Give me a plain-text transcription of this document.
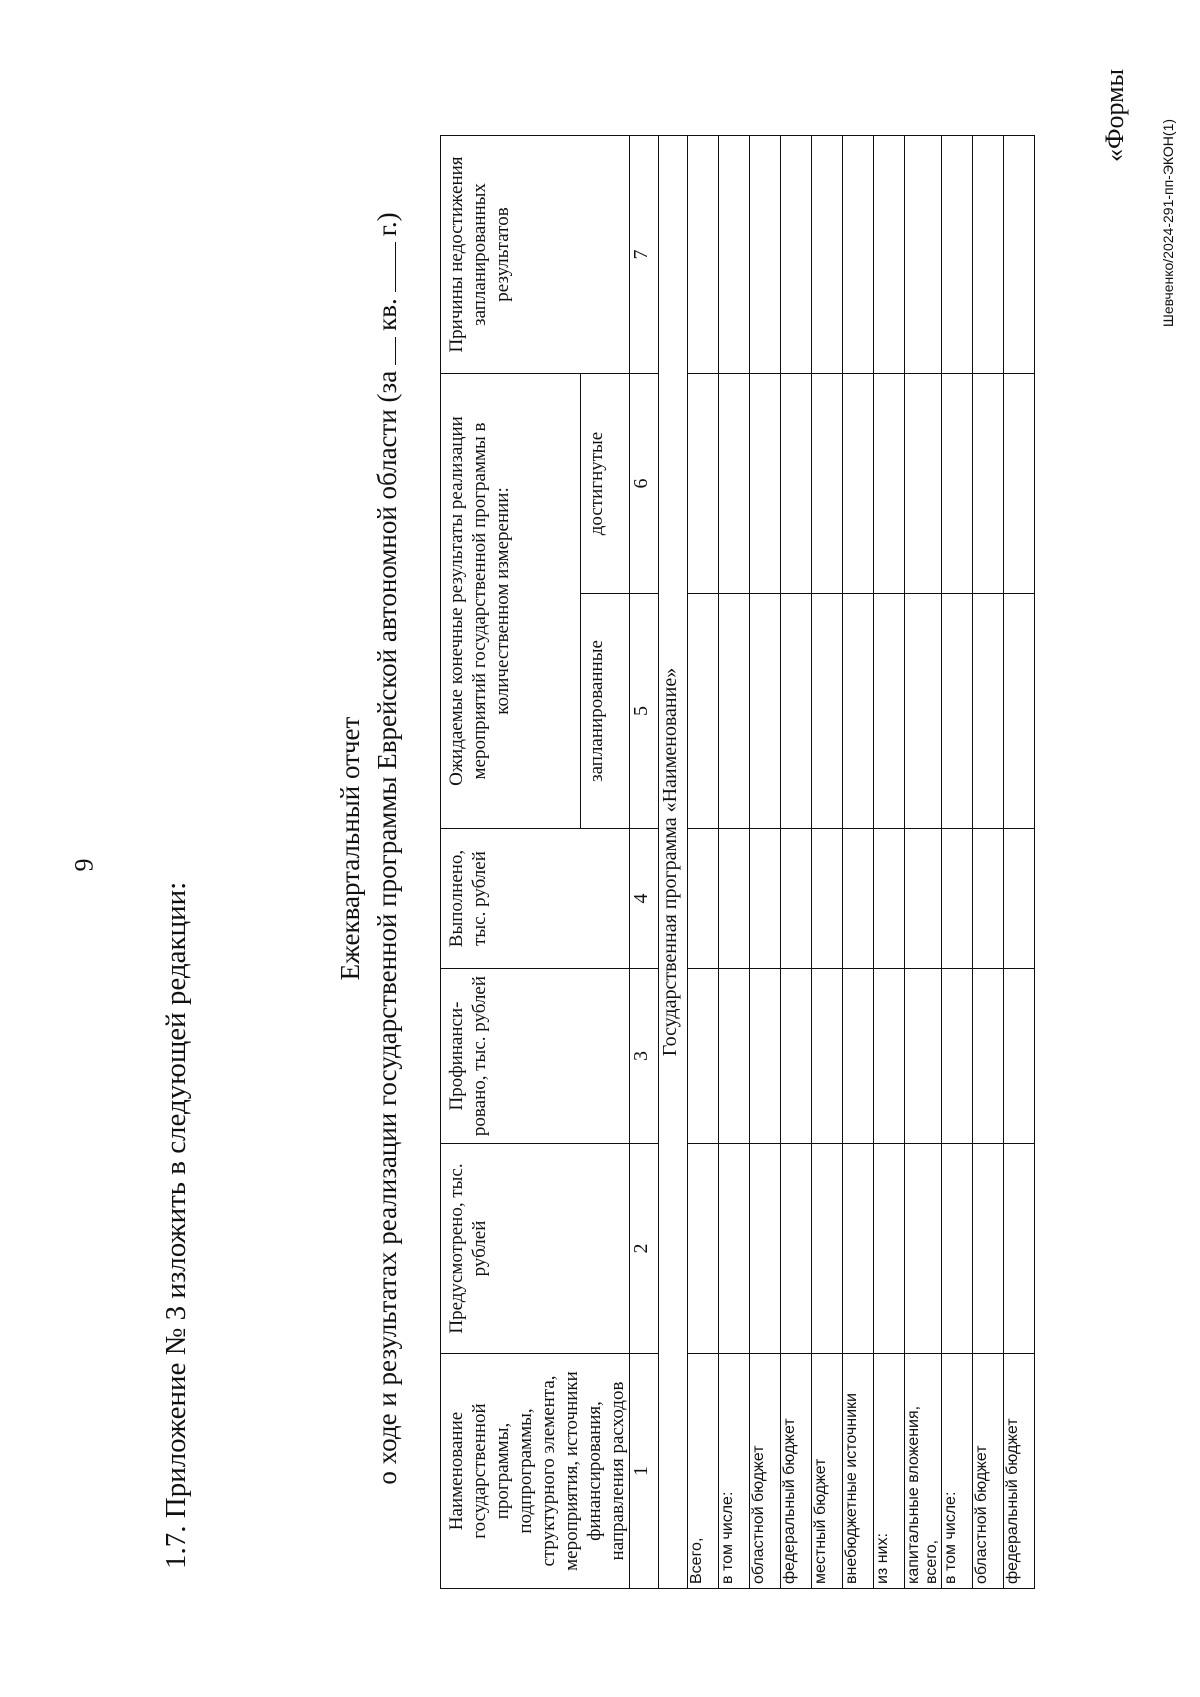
9
1.7. Приложение № 3 изложить в следующей редакции:
«Формы
Ежеквартальный отчет о ходе и результатах реализации государственной программы Еврейской автономной области (закв.г.)
Наименование государственной программы, подпрограммы, структурного элемента, мероприятия, источники финансирования, направления расходов	Предусмотрено, тыс. рублей	Профинанси-рованo, тыс. рублей	Выполнено, тыс. рублей	Ожидаемые конечные результаты реализации мероприятий государственной программы в количественном измерении:		Причины недостижения запланированных результатов
				запланированные	достигнутые	
1	2	3	4	5	6	7
Государственная программа «Наименование»						
Всего,						
в том числе:						
областной бюджет						
федеральный бюджет						
местный бюджет						
внебюджетные источники						
из них:						
капитальные вложения, всего,						
в том числе:						
областной бюджет						
федеральный бюджет						
Шевченко/2024-291-пп-ЭКОН(1)
